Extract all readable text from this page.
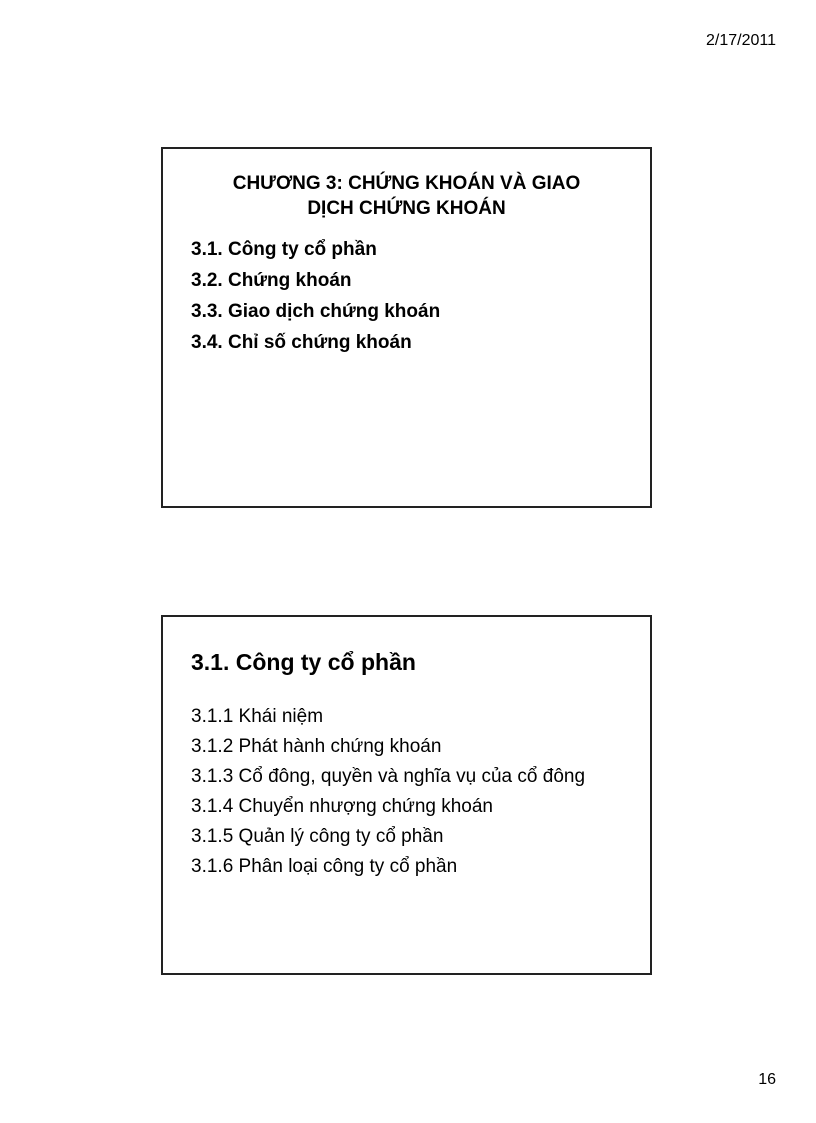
2/17/2011
CHƯƠNG 3: CHỨNG KHOÁN VÀ GIAO
DỊCH CHỨNG KHOÁN
3.1. Công ty cổ phần
3.2. Chứng khoán
3.3. Giao dịch chứng khoán
3.4. Chỉ số chứng khoán
3.1. Công ty cổ phần
3.1.1 Khái niệm
3.1.2 Phát hành chứng khoán
3.1.3 Cổ đông, quyền và nghĩa vụ của cổ đông
3.1.4 Chuyển nhượng chứng khoán
3.1.5 Quản lý công ty cổ phần
3.1.6 Phân loại công ty cổ phần
16
